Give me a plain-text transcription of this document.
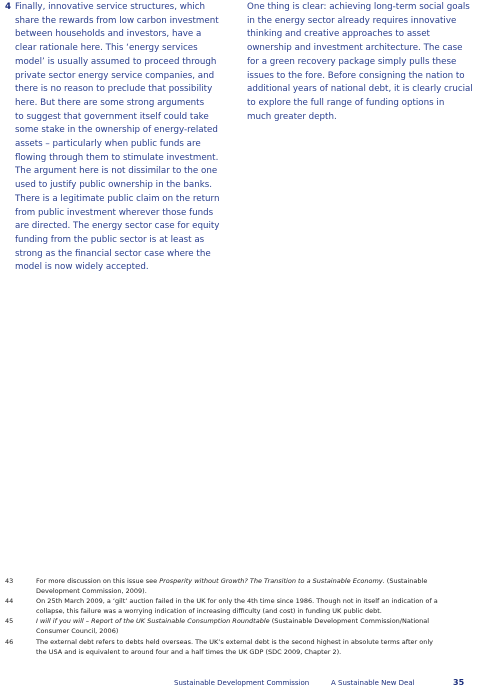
4 Finally, innovative service structures, which
share the rewards from low carbon investment
between households and investors, have a
clear rationale here. This ‘energy services
model’ is usually assumed to proceed through
private sector energy service companies, and
there is no reason to preclude that possibility
here. But there are some strong arguments
to suggest that government itself could take
some stake in the ownership of energy-related
assets – particularly when public funds are
flowing through them to stimulate investment.
The argument here is not dissimilar to the one
used to justify public ownership in the banks.
There is a legitimate public claim on the return
from public investment wherever those funds
are directed. The energy sector case for equity
funding from the public sector is at least as
strong as the financial sector case where the
model is now widely accepted.
One thing is clear: achieving long-term social goals
in the energy sector already requires innovative
thinking and creative approaches to asset
ownership and investment architecture. The case
for a green recovery package simply pulls these
issues to the fore. Before consigning the nation to
additional years of national debt, it is clearly crucial
to explore the full range of funding options in
much greater depth.
43	For more discussion on this issue see Prosperity without Growth? The Transition to a Sustainable Economy. (Sustainable
Development Commission, 2009).
44	On 25th March 2009, a ‘gilt’ auction failed in the UK for only the 4th time since 1986. Though not in itself an indication of a
collapse, this failure was a worrying indication of increasing difficulty (and cost) in funding UK public debt.
45	I will if you will – Report of the UK Sustainable Consumption Roundtable (Sustainable Development Commission/National
Consumer Council, 2006)
46	The external debt refers to debts held overseas. The UK’s external debt is the second highest in absolute terms after only
the USA and is equivalent to around four and a half times the UK GDP (SDC 2009, Chapter 2).
Sustainable Development Commission	A Sustainable New Deal	35
